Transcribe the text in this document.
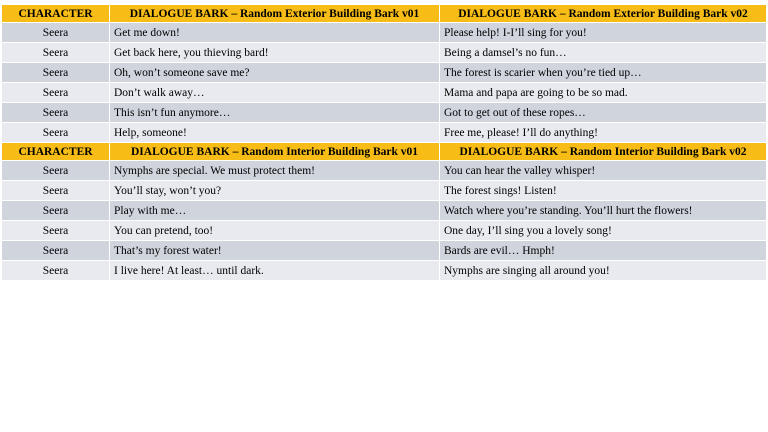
CHARACTER	DIALOGUE BARK – Random Exterior Building Bark v01	DIALOGUE BARK – Random Exterior Building Bark v02
Seera	Get me down!	Please help! I-I’ll sing for you!
Seera	Get back here, you thieving bard!	Being a damsel’s no fun…
Seera	Oh, won’t someone save me?	The forest is scarier when you’re tied up…
Seera	Don’t walk away…	Mama and papa are going to be so mad.
Seera	This isn’t fun anymore…	Got to get out of these ropes…
Seera	Help, someone!	Free me, please! I’ll do anything!
CHARACTER	DIALOGUE BARK – Random Interior Building Bark v01	DIALOGUE BARK – Random Interior Building Bark v02
Seera	Nymphs are special. We must protect them!	You can hear the valley whisper!
Seera	You’ll stay, won’t you?	The forest sings! Listen!
Seera	Play with me…	Watch where you’re standing. You’ll hurt the flowers!
Seera	You can pretend, too!	One day, I’ll sing you a lovely song!
Seera	That’s my forest water!	Bards are evil… Hmph!
Seera	I live here! At least… until dark.	Nymphs are singing all around you!
